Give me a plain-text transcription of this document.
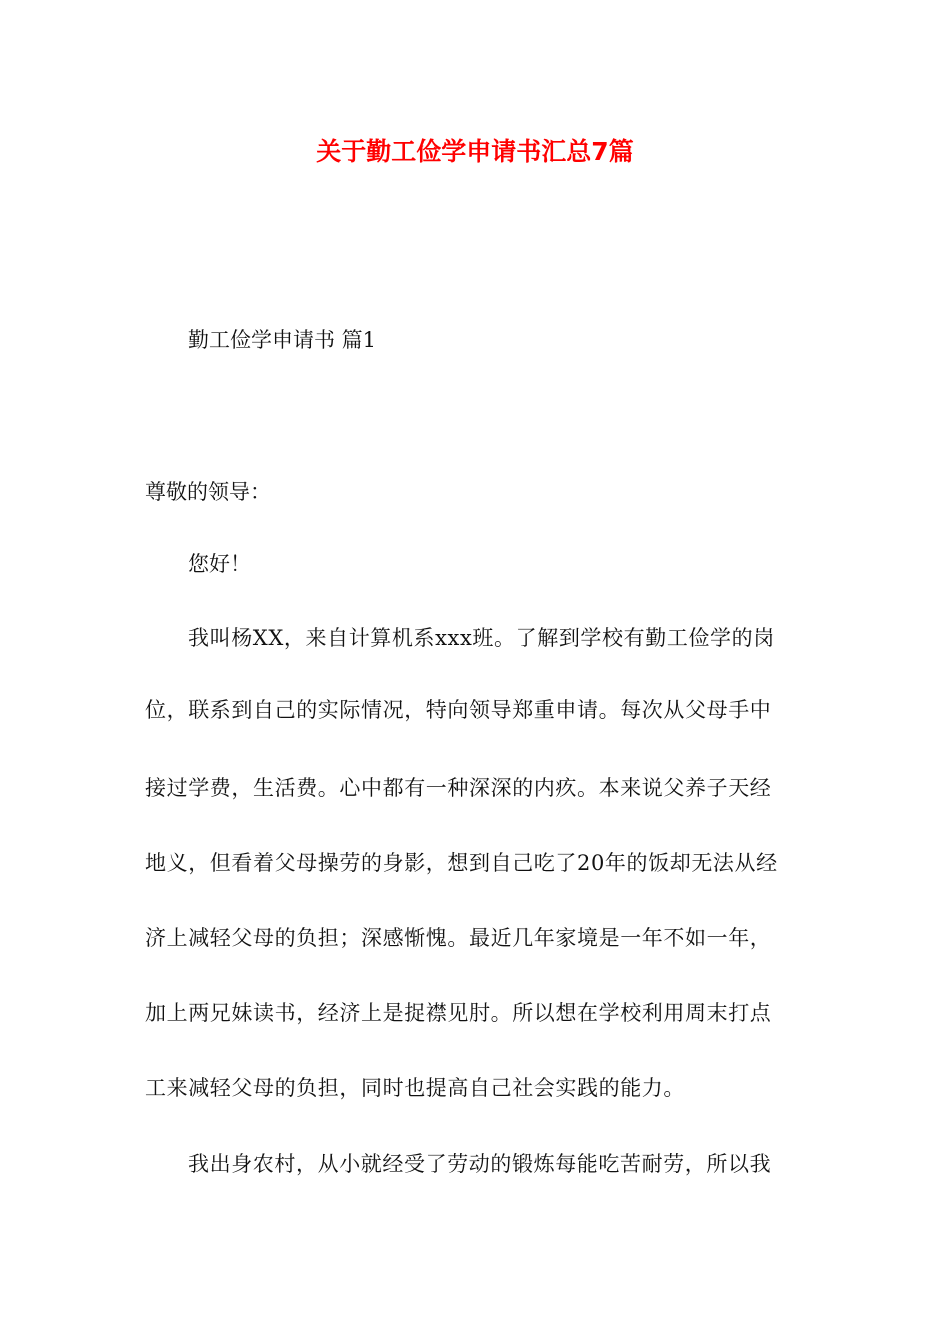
关于勤工俭学申请书汇总7篇

勤工俭学申请书 篇1

尊敬的领导：

您好！

我叫杨XX，来自计算机系xxx班。了解到学校有勤工俭学的岗

位，联系到自己的实际情况，特向领导郑重申请。每次从父母手中

接过学费，生活费。心中都有一种深深的内疚。本来说父养子天经

地义，但看着父母操劳的身影，想到自己吃了20年的饭却无法从经

济上减轻父母的负担；深感惭愧。最近几年家境是一年不如一年，

加上两兄妹读书，经济上是捉襟见肘。所以想在学校利用周末打点

工来减轻父母的负担，同时也提高自己社会实践的能力。

我出身农村，从小就经受了劳动的锻炼每能吃苦耐劳，所以我
